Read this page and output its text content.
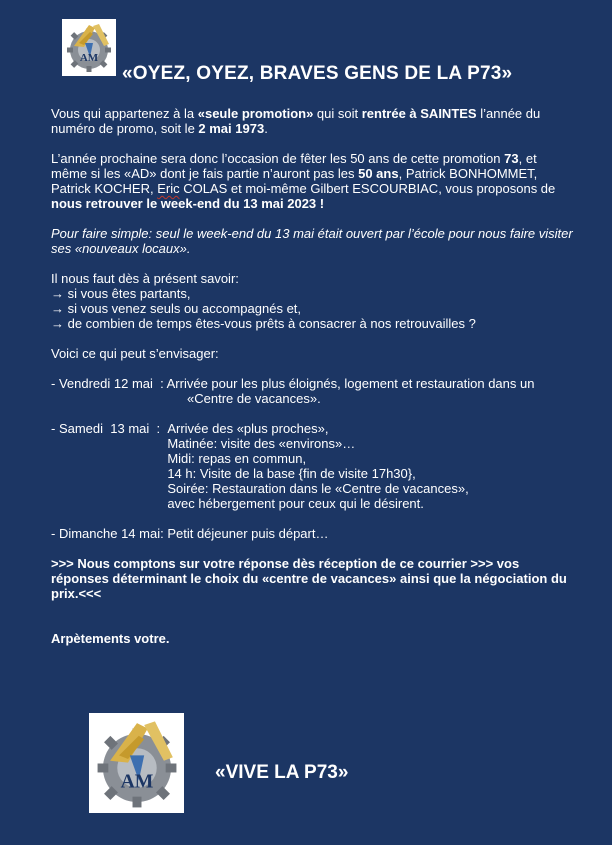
AM
«OYEZ, OYEZ, BRAVES GENS DE LA P73»

Vous qui appartenez à la «seule promotion» qui soit rentrée à SAINTES l’année du numéro de promo, soit le 2 mai 1973.

L’année prochaine sera donc l’occasion de fêter les 50 ans de cette promotion 73, et même si les «AD» dont je fais partie n’auront pas les 50 ans, Patrick BONHOMMET, Patrick KOCHER, Eric COLAS et moi-même Gilbert ESCOURBIAC, vous proposons de nous retrouver le week-end du 13 mai 2023 !

Pour faire simple: seul le week-end du 13 mai était ouvert par l’école pour nous faire visiter ses «nouveaux locaux».

Il nous faut dès à présent savoir:

→ si vous êtes partants,

→ si vous venez seuls ou accompagnés et,

→ de combien de temps êtes-vous prêts à consacrer à nos retrouvailles ?

Voici ce qui peut s’envisager:

- Vendredi 12 mai  : Arrivée pour les plus éloignés, logement et restauration dans un

«Centre de vacances».

- Samedi  13 mai  : Arrivée des «plus proches»,

Matinée: visite des «environs»…

Midi: repas en commun,

14 h: Visite de la base {fin de visite 17h30},

Soirée: Restauration dans le «Centre de vacances»,

avec hébergement pour ceux qui le désirent.

- Dimanche 14 mai: Petit déjeuner puis départ…

>>> Nous comptons sur votre réponse dès réception de ce courrier >>> vos réponses déterminant le choix du «centre de vacances» ainsi que la négociation du prix.<<<

Arpètements votre.

AM	«VIVE LA P73»
